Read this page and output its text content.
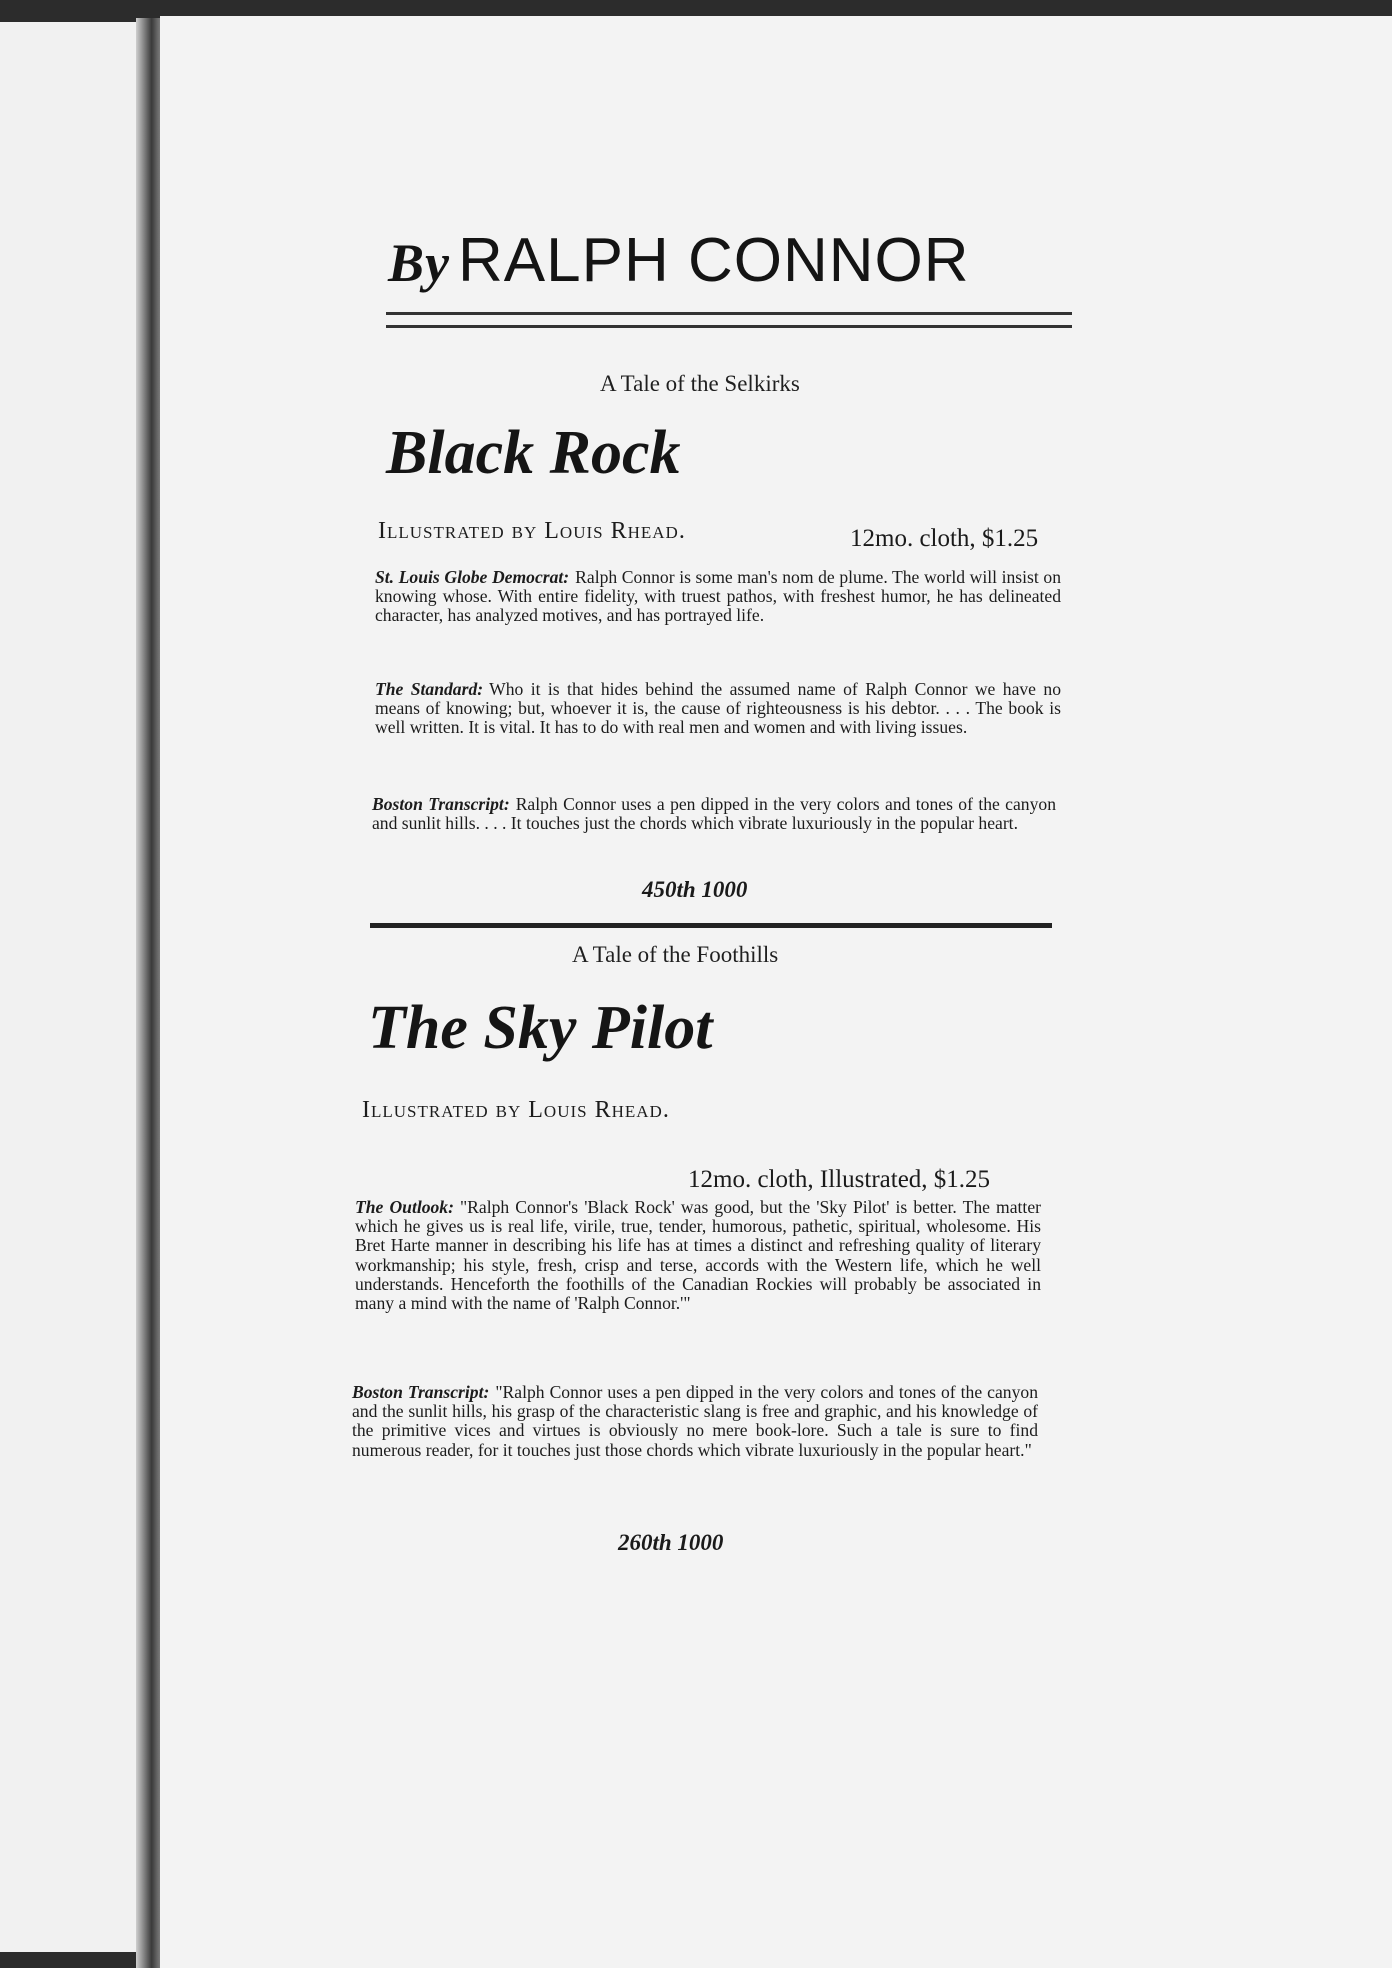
By RALPH CONNOR
A Tale of the Selkirks
Black Rock
Illustrated by Louis Rhead.	12mo. cloth, $1.25
St. Louis Globe Democrat: Ralph Connor is some man's nom de plume. The world will insist on knowing whose. With entire fidelity, with truest pathos, with freshest humor, he has delineated character, has analyzed motives, and has portrayed life.
The Standard: Who it is that hides behind the assumed name of Ralph Connor we have no means of knowing; but, whoever it is, the cause of righteousness is his debtor. . . . The book is well written. It is vital. It has to do with real men and women and with living issues.
Boston Transcript: Ralph Connor uses a pen dipped in the very colors and tones of the canyon and sunlit hills. . . . It touches just the chords which vibrate luxuriously in the popular heart.
450th 1000
A Tale of the Foothills
The Sky Pilot
Illustrated by Louis Rhead.
12mo. cloth, Illustrated, $1.25
The Outlook: "Ralph Connor's 'Black Rock' was good, but the 'Sky Pilot' is better. The matter which he gives us is real life, virile, true, tender, humorous, pathetic, spiritual, wholesome. His Bret Harte manner in describing his life has at times a distinct and refreshing quality of literary workmanship; his style, fresh, crisp and terse, accords with the Western life, which he well understands. Henceforth the foothills of the Canadian Rockies will probably be associated in many a mind with the name of 'Ralph Connor.'"
Boston Transcript: "Ralph Connor uses a pen dipped in the very colors and tones of the canyon and the sunlit hills, his grasp of the characteristic slang is free and graphic, and his knowledge of the primitive vices and virtues is obviously no mere book-lore. Such a tale is sure to find numerous reader, for it touches just those chords which vibrate luxuriously in the popular heart."
260th 1000
